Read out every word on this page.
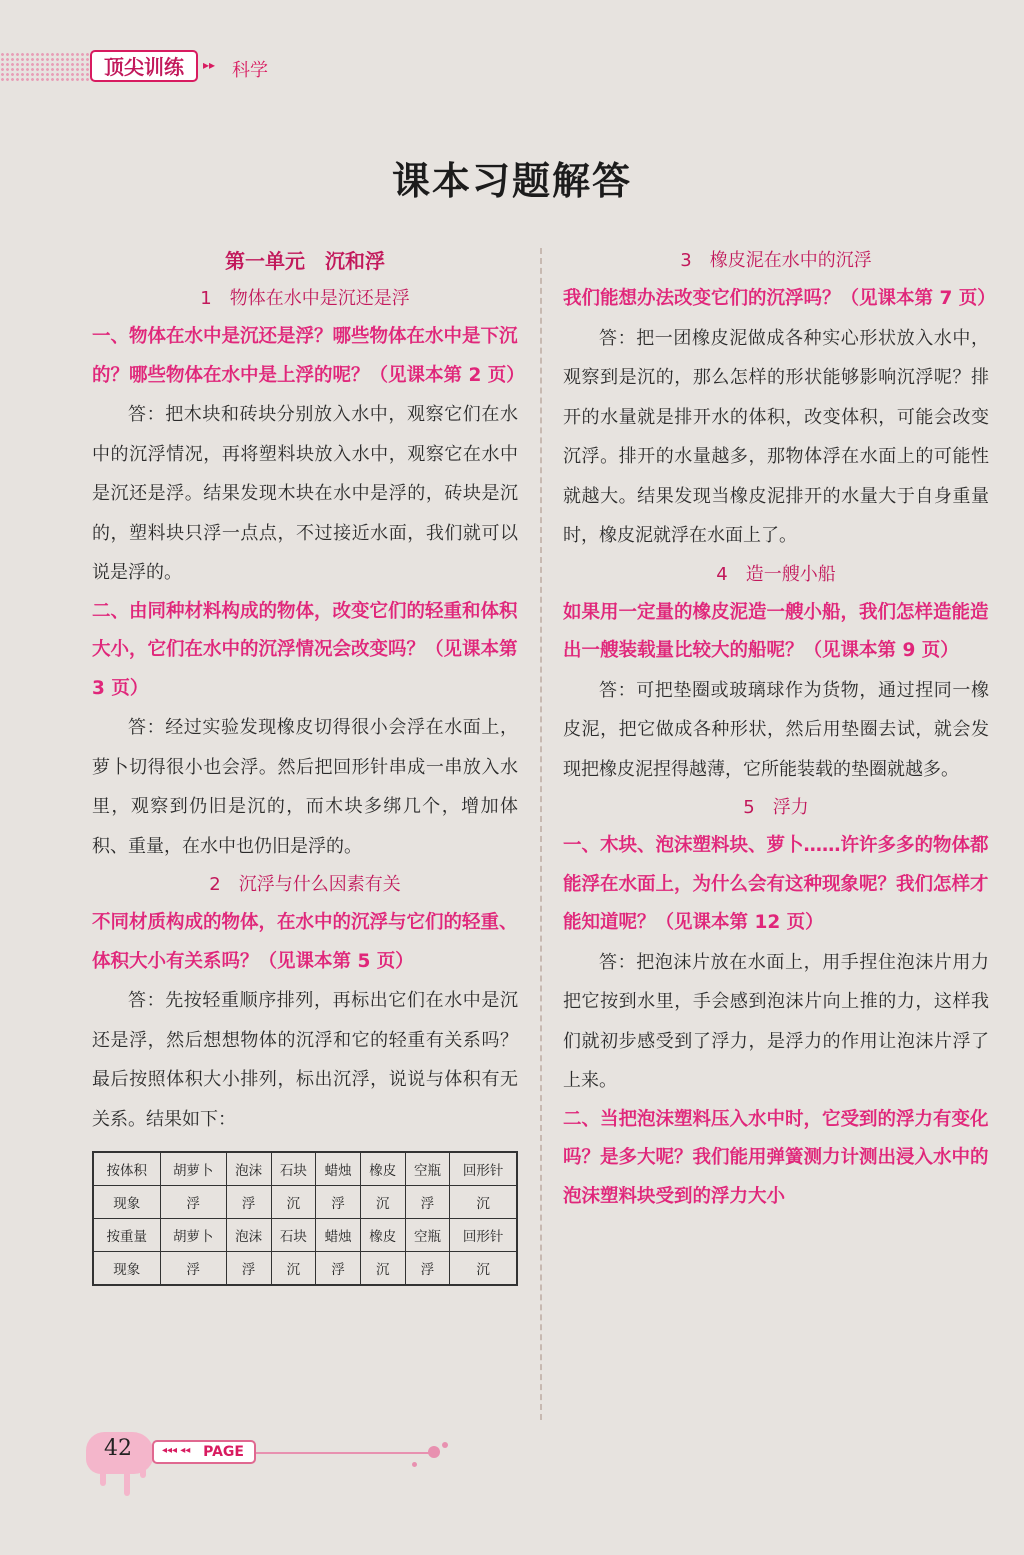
顶尖训练	▸▸ 科学
课本习题解答
第一单元　沉和浮
1　物体在水中是沉还是浮

一、物体在水中是沉还是浮？哪些物体在水中是下沉的？哪些物体在水中是上浮的呢？（见课本第 2 页）

答：把木块和砖块分别放入水中，观察它们在水中的沉浮情况，再将塑料块放入水中，观察它在水中是沉还是浮。结果发现木块在水中是浮的，砖块是沉的，塑料块只浮一点点，不过接近水面，我们就可以说是浮的。

二、由同种材料构成的物体，改变它们的轻重和体积大小，它们在水中的沉浮情况会改变吗？（见课本第 3 页）

答：经过实验发现橡皮切得很小会浮在水面上，萝卜切得很小也会浮。然后把回形针串成一串放入水里，观察到仍旧是沉的，而木块多绑几个，增加体积、重量，在水中也仍旧是浮的。

2　沉浮与什么因素有关

不同材质构成的物体，在水中的沉浮与它们的轻重、体积大小有关系吗？（见课本第 5 页）

答：先按轻重顺序排列，再标出它们在水中是沉还是浮，然后想想物体的沉浮和它的轻重有关系吗？最后按照体积大小排列，标出沉浮，说说与体积有无关系。结果如下：

按体积	胡萝卜	泡沫	石块	蜡烛	橡皮	空瓶	回形针
现象	浮	浮	沉	浮	沉	浮	沉
按重量	胡萝卜	泡沫	石块	蜡烛	橡皮	空瓶	回形针
现象	浮	浮	沉	浮	沉	浮	沉
3　橡皮泥在水中的沉浮

我们能想办法改变它们的沉浮吗？（见课本第 7 页）

答：把一团橡皮泥做成各种实心形状放入水中，观察到是沉的，那么怎样的形状能够影响沉浮呢？排开的水量就是排开水的体积，改变体积，可能会改变沉浮。排开的水量越多，那物体浮在水面上的可能性就越大。结果发现当橡皮泥排开的水量大于自身重量时，橡皮泥就浮在水面上了。

4　造一艘小船

如果用一定量的橡皮泥造一艘小船，我们怎样造能造出一艘装载量比较大的船呢？（见课本第 9 页）

答：可把垫圈或玻璃球作为货物，通过捏同一橡皮泥，把它做成各种形状，然后用垫圈去试，就会发现把橡皮泥捏得越薄，它所能装载的垫圈就越多。

5　浮力

一、木块、泡沫塑料块、萝卜……许许多多的物体都能浮在水面上，为什么会有这种现象呢？我们怎样才能知道呢？（见课本第 12 页）

答：把泡沫片放在水面上，用手捏住泡沫片用力把它按到水里，手会感到泡沫片向上推的力，这样我们就初步感受到了浮力，是浮力的作用让泡沫片浮了上来。

二、当把泡沫塑料压入水中时，它受到的浮力有变化吗？是多大呢？我们能用弹簧测力计测出浸入水中的泡沫塑料块受到的浮力大小

42	PAGE
◂◂◂ ◂◂
